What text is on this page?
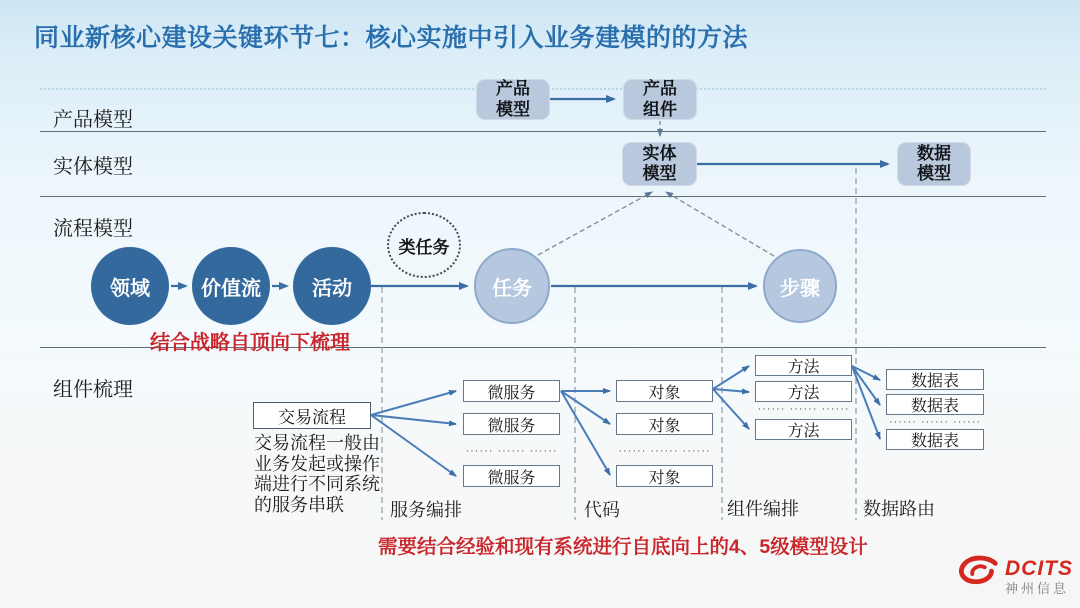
同业新核心建设关键环节七：核心实施中引入业务建模的的方法
产品模型
实体模型
流程模型
组件梳理
产品
模型
产品
组件
实体
模型
数据
模型
领域	价值流	活动
类任务
任务	步骤
结合战略自顶向下梳理
交易流程
交易流程一般由业务发起或操作端进行不同系统的服务串联
微服务
微服务
······ ······ ······
微服务
对象
对象
······ ······ ······
对象
方法
方法
······ ······ ······
方法
数据表
数据表
······ ······ ······
数据表
服务编排	代码	组件编排	数据路由
需要结合经验和现有系统进行自底向上的4、5级模型设计
DCITS
神州信息
